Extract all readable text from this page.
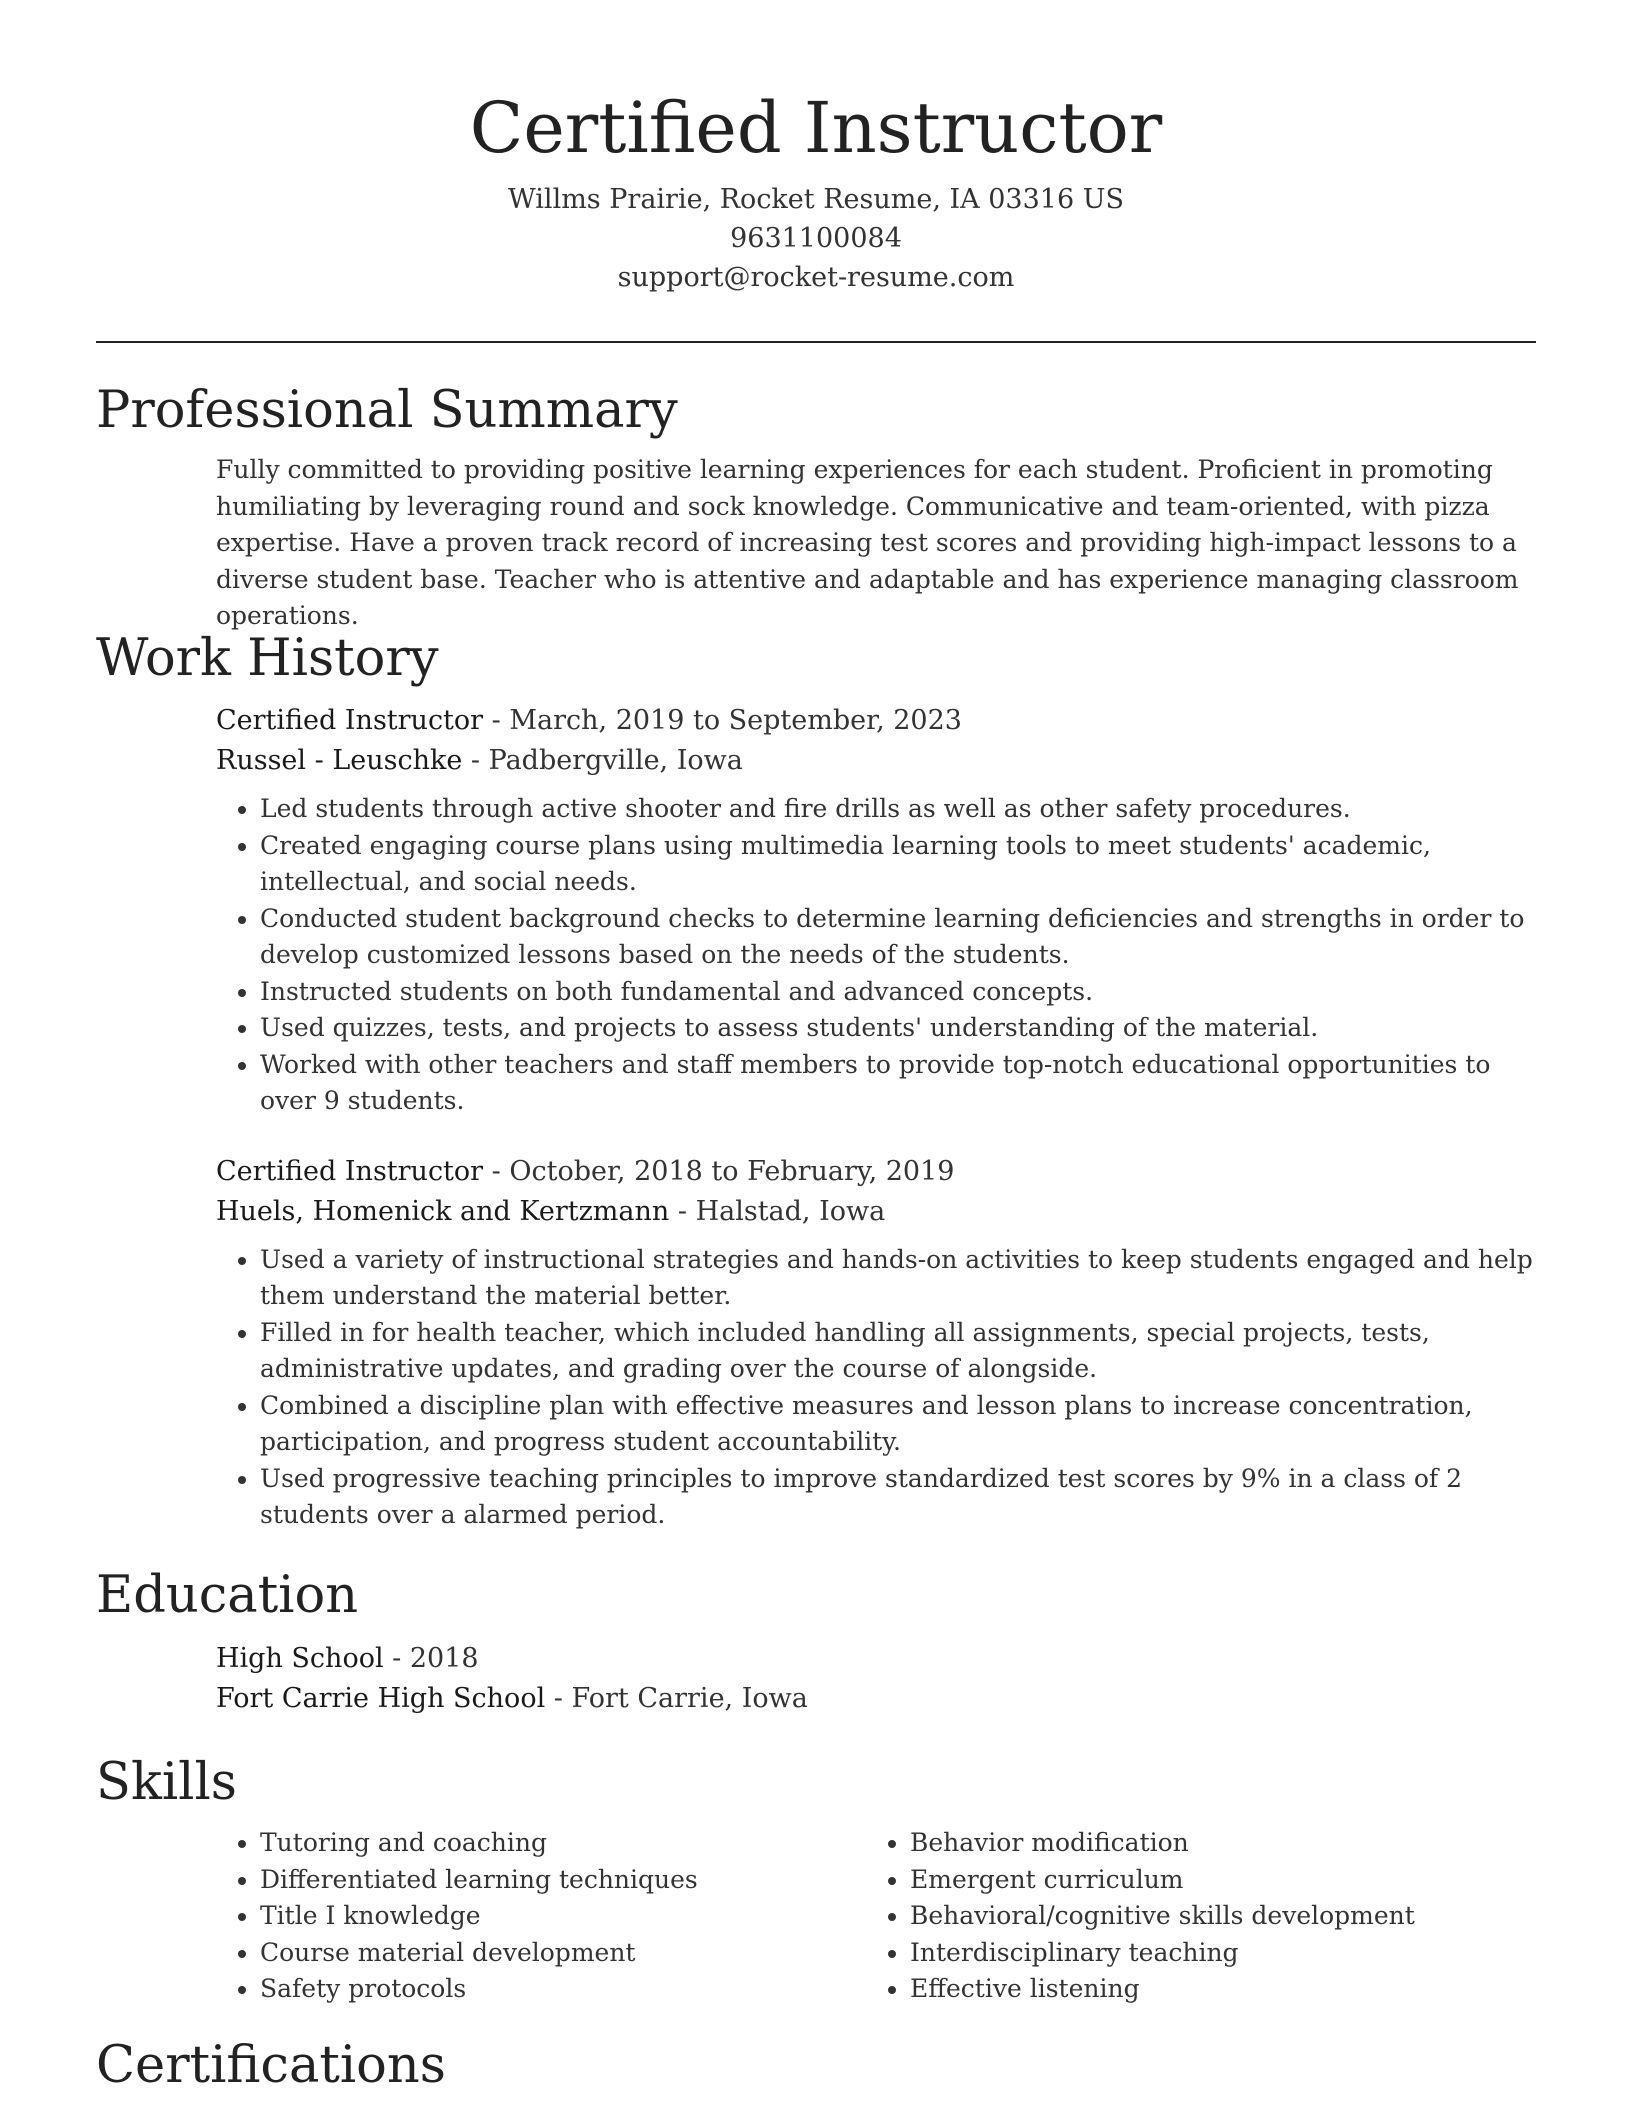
Certified Instructor
Willms Prairie, Rocket Resume, IA 03316 US
9631100084
support@rocket-resume.com
Professional Summary

Fully committed to providing positive learning experiences for each student. Proficient in promoting humiliating by leveraging round and sock knowledge. Communicative and team-oriented, with pizza expertise. Have a proven track record of increasing test scores and providing high-impact lessons to a diverse student base. Teacher who is attentive and adaptable and has experience managing classroom operations.

Work History
Certified Instructor - March, 2019 to September, 2023
Russel - Leuschke - Padbergville, Iowa
• Led students through active shooter and fire drills as well as other safety procedures.
• Created engaging course plans using multimedia learning tools to meet students' academic, intellectual, and social needs.
• Conducted student background checks to determine learning deficiencies and strengths in order to develop customized lessons based on the needs of the students.
• Instructed students on both fundamental and advanced concepts.
• Used quizzes, tests, and projects to assess students' understanding of the material.
• Worked with other teachers and staff members to provide top-notch educational opportunities to over 9 students.
Certified Instructor - October, 2018 to February, 2019
Huels, Homenick and Kertzmann - Halstad, Iowa
• Used a variety of instructional strategies and hands-on activities to keep students engaged and help them understand the material better.
• Filled in for health teacher, which included handling all assignments, special projects, tests, administrative updates, and grading over the course of alongside.
• Combined a discipline plan with effective measures and lesson plans to increase concentration, participation, and progress student accountability.
• Used progressive teaching principles to improve standardized test scores by 9% in a class of 2 students over a alarmed period.
Education
High School - 2018
Fort Carrie High School - Fort Carrie, Iowa
Skills
• Tutoring and coaching
• Differentiated learning techniques
• Title I knowledge
• Course material development
• Safety protocols
• Behavior modification
• Emergent curriculum
• Behavioral/cognitive skills development
• Interdisciplinary teaching
• Effective listening
Certifications
